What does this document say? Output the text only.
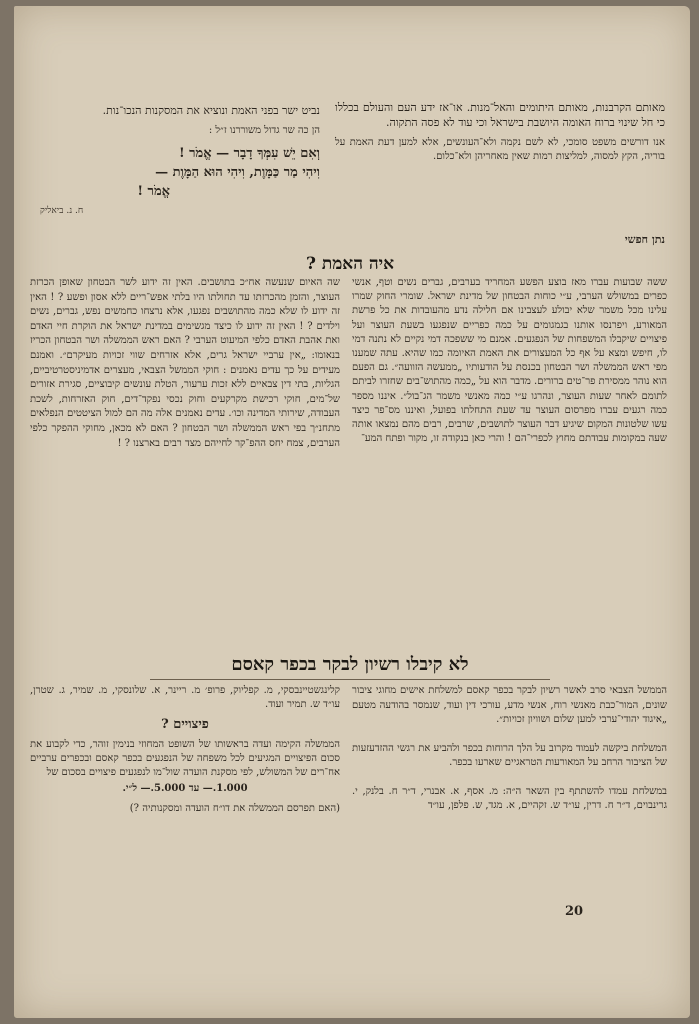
מאותם הקרבנות, מאותם היתומים והאל־מנות. או־אז ידע העם והעולם בכללו כי חל שינוי ברוח האומה היושבת בישראל וכי עוד לא פסה התקוה.

אנו דורשים משפט סומכי, לא לשם נקמה ולא־העונשים, אלא למען דעת האמת על בוריה, הקץ למסוה, למליצות רמות שאין מאחריהן ולא־כלום.

נתן חפשי

נביט ישר בפני האמת ונוציא את המסקנות הנכו־נות.

הן כה שר גדול משוררנו ז״ל :

וְאִם יֵשׁ עִמְּךָ דָבָר — אֱמֹר !
וִיהִי מַר כַּמָּוֶת, וִיהִי הוּא הַמָּוֶת —
אֱמֹר !
ח. נ. ביאליק
איה האמת ?
ששה שבועות עברו מאז בוצע הפשע המחריד בערבים, גברים נשים וטף, אנשי כפרים במשולש הערבי, ע״י כוחות הבטחון של מדינת ישראל. שומרי החוק שמרו עלינו מכל משמר שלא יבולע לעצבינו אם חלילה נדע מהעובדות את כל פרשת המאורע, ויפרנסו אותנו בגמגומים על כמה כפריים שנפגעו בשעת העוצר ועל פיצויים שיקבלו המשפחות של הנפגעים. אמנם מי ששפכה דמי נקיים לא נתנה דמי לו, חיפש ומצא על אף כל המעצורים את האמת האיומה כמו שהיא. עתה שמענו מפי ראש הממשלה ושר הבטחון בכנסת על הודעותיו „ממעשה הזוועה״. גם הפעם הוא נוהר ממסירת פר־טים ברורים. מדבר הוא על „כמה מהתוש־בים שחזרו לביתם לתומם לאחר שעות העוצר, ונהרגו ע״י כמה מאנשי משמר הג־בול״. איננו מספר כמה רגעים עברו מפרסום העוצר עד שעת התחלתו בפועל, ואיננו מס־פר כיצד עשו שלטונות המקום שיגיע דבר העוצר לתושבים, שרבים, רבים מהם נמצאו אותה שעה במקומות עבודתם מחוץ לכפרי־הם ! והרי כאן בנקודה זו, מקור ופתח המע־
שה האיום שנעשה אח״כ בתושבים. האין זה ידוע לשר הבטחון שאופן הכרזת העוצר, והזמן מהכרזתו עד תחולתו היו בלתי אפש־ריים ללא אסון ופשע ? ! האין זה ידוע לו שלא כמה מהתושבים נפגעו, אלא נרצחו כחמשים נפש, גברים, נשים וילדים ? ! האין זה ידוע לו כיצד מגשימים במדינת ישראל את הוקרת חיי האדם ואת אהבת האדם כלפי המיעוט הערבי ? האם ראש הממשלה ושר הבטחון הכריז בנאומו: „אין ערביי ישראל גרים, אלא אזרחים שווי זכויות מעיקרם״. ואמנם מעידים על כך עדים נאמנים : חוקי הממשל הצבאי, מעצרים אדמיניסטרטיביים, הגליות, בתי דין צבאיים ללא זכות ערעור, הטלת עונשים קיבוציים, סגירת אזורים של־מים, חוקי רכישת מקרקעים וחוק נכסי נפקד־דים, חוק האזרחות, לשכת העבודה, שירותי המדינה וכו׳. עדים נאמנים אלה מה הם למול הציטטים הנפלאים מתחנ״ך בפי ראש הממשלה ושר הבטחון ? האם לא מכאן, מחוקי ההפקר כלפי הערבים, צמח יחס ההפ־קר לחייהם מצד רבים בארצנו ? !
לא קיבלו רשיון לבקר בכפר קאסם

הממשל הצבאי סרב לאשר רשיון לבקר בכפר קאסם למשלחת אישים מחוגי ציבור שונים, המור־כבת מאנשי רוח, אנשי מדע, עורכי דין ועוד, שנמסר בהודעה מטעם „איגוד יהודי־ערבי למען שלום ושוויון זכויות״.

המשלחת ביקשה לעמוד מקרוב על הלך הרוחות בכפר ולהביע את רגשי ההזדעזעות של הציבור הרחב על המאורעות הטראגיים שארעו בכפר.

במשלחת עמדו להשתתף בין השאר ה״ה: מ. אסף, א. אבנרי, ד״ר ח. בלנק, י. גרינבוים, ד״ר ח. דרין, עו״ד ש. זקהיים, א. מגד, ש. פלפן, עו״ד

קלינגשטיינבסקי, מ. קפליוק, פרופ׳ מ. ריינר, א. שלונסקי, מ. שמיר, ג. שטרן, עו״ד ש. תמיר ועוד.

פיצויים ?

הממשלה הקימה ועדה בראשותו של השופט המחוזי בנימין זוהר, כדי לקבוע את סכום הפיצויים המגיעים לכל משפחה של הנפגעים בכפר קאסם ובכפרים ערביים אח־רים של המשולש, לפי מסקנת הועדה שול־מו לנפגעים פיצויים בסכום של

1.000.— עד 5.000.— ל״י.

(האם תפרסם הממשלה את דו״ח הועדה ומסקנותיה ?)

20
